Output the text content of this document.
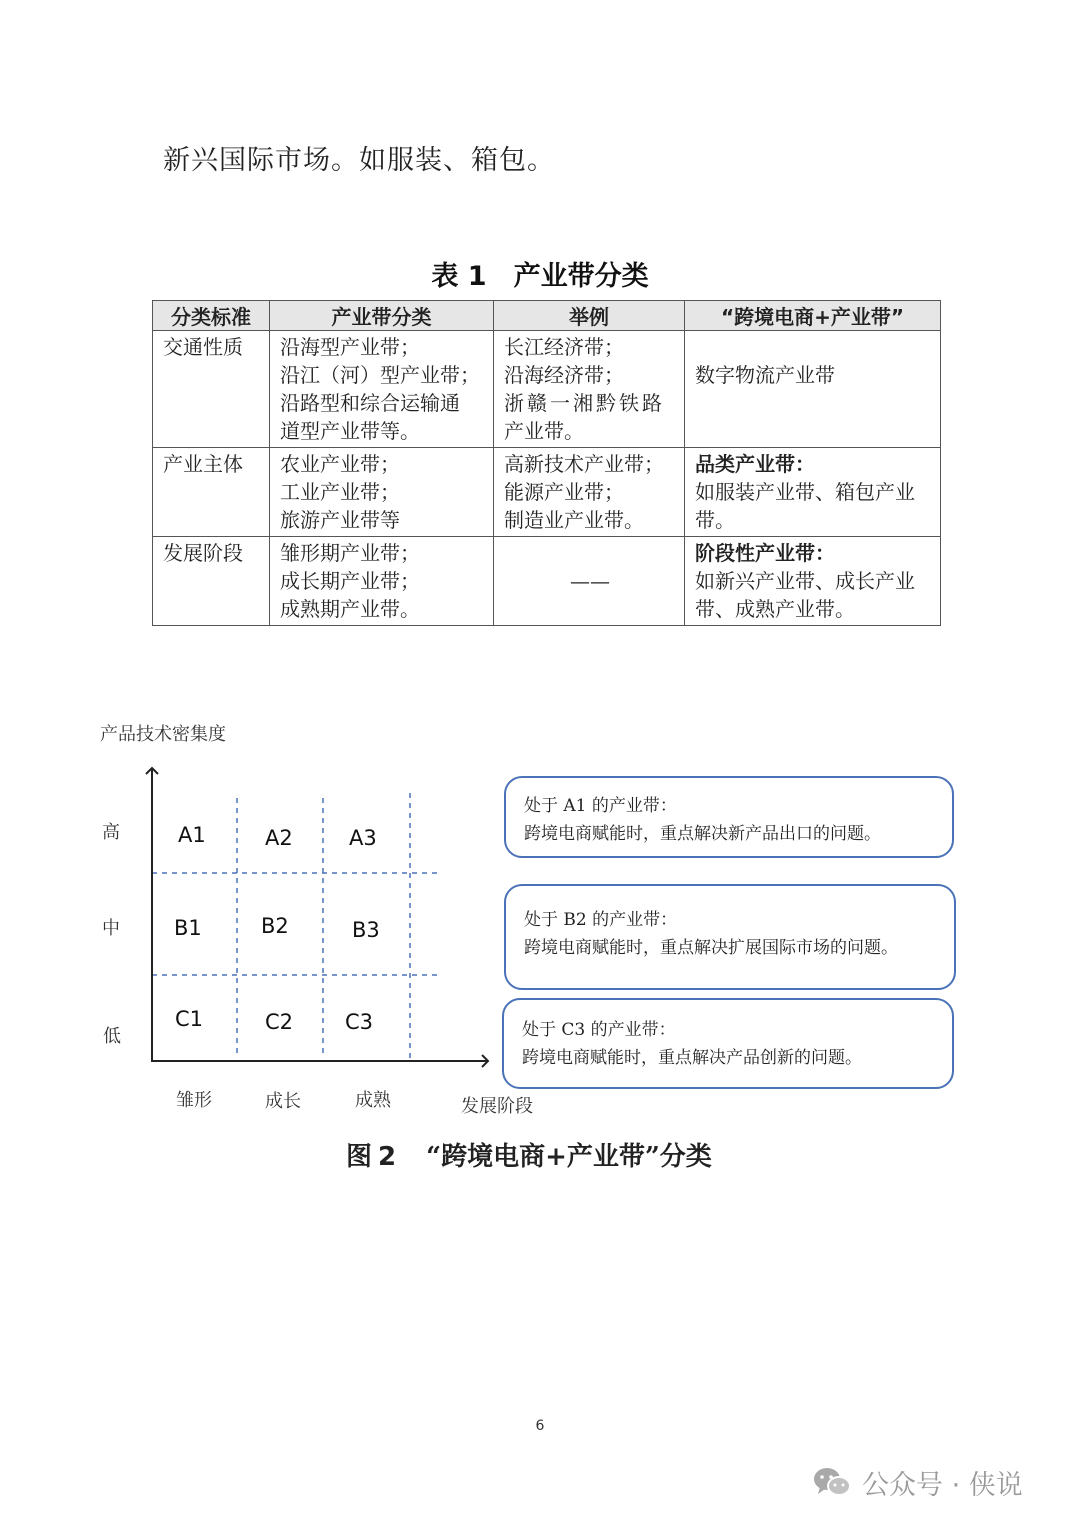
新兴国际市场。如服装、箱包。
表 1　产业带分类
分类标准	产业带分类	举例	“跨境电商+产业带”
交通性质	沿海型产业带；
沿江（河）型产业带；
沿路型和综合运输通
道型产业带等。	长江经济带；
沿海经济带；
浙赣一湘黔铁路
产业带。	数字物流产业带

产业主体	农业产业带；
工业产业带；
旅游产业带等	高新技术产业带；
能源产业带；
制造业产业带。	品类产业带：
如服装产业带、箱包产业
带。

发展阶段	雏形期产业带；
成长期产业带；
成熟期产业带。	——	阶段性产业带：
如新兴产业带、成长产业
带、成熟产业带。
产品技术密集度
高
中
低
A1	A2	A3
B1	B2	B3
C1	C2 C3
雏形	成长	成熟	发展阶段
处于 A1 的产业带：
跨境电商赋能时，重点解决新产品出口的问题。
处于 B2 的产业带：
跨境电商赋能时，重点解决扩展国际市场的问题。
处于 C3 的产业带：
跨境电商赋能时，重点解决产品创新的问题。
图 2 “跨境电商+产业带”分类
6
公众号 · 侠说
